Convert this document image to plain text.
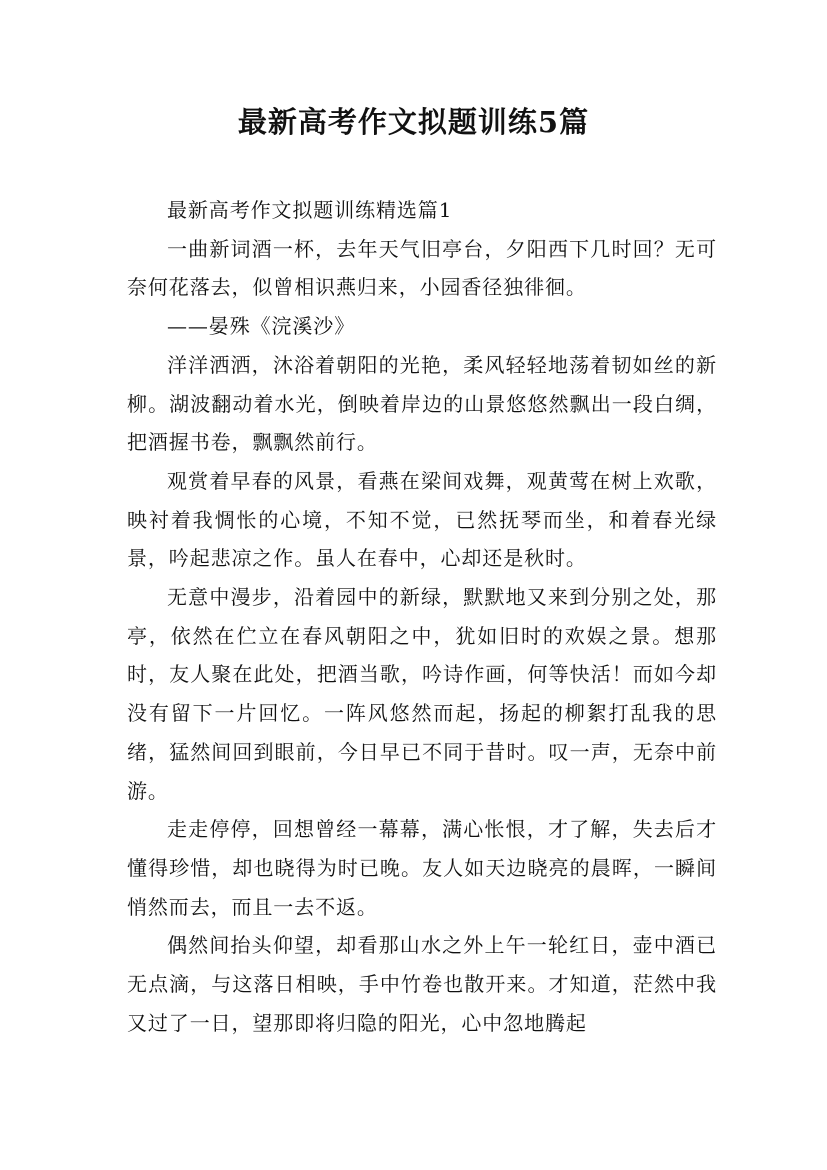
最新高考作文拟题训练5篇

最新高考作文拟题训练精选篇1

一曲新词酒一杯，去年天气旧亭台，夕阳西下几时回？无可奈何花落去，似曾相识燕归来，小园香径独徘徊。

——晏殊《浣溪沙》

洋洋洒洒，沐浴着朝阳的光艳，柔风轻轻地荡着韧如丝的新柳。湖波翻动着水光，倒映着岸边的山景悠悠然飘出一段白绸，把酒握书卷，飘飘然前行。

观赏着早春的风景，看燕在梁间戏舞，观黄莺在树上欢歌，映衬着我惆怅的心境，不知不觉，已然抚琴而坐，和着春光绿景，吟起悲凉之作。虽人在春中，心却还是秋时。

无意中漫步，沿着园中的新绿，默默地又来到分别之处，那亭，依然在伫立在春风朝阳之中，犹如旧时的欢娱之景。想那时，友人聚在此处，把酒当歌，吟诗作画，何等快活！而如今却没有留下一片回忆。一阵风悠然而起，扬起的柳絮打乱我的思绪，猛然间回到眼前，今日早已不同于昔时。叹一声，无奈中前游。

走走停停，回想曾经一幕幕，满心怅恨，才了解，失去后才懂得珍惜，却也晓得为时已晚。友人如天边晓亮的晨晖，一瞬间悄然而去，而且一去不返。

偶然间抬头仰望，却看那山水之外上午一轮红日，壶中酒已无点滴，与这落日相映，手中竹卷也散开来。才知道，茫然中我又过了一日，望那即将归隐的阳光，心中忽地腾起
